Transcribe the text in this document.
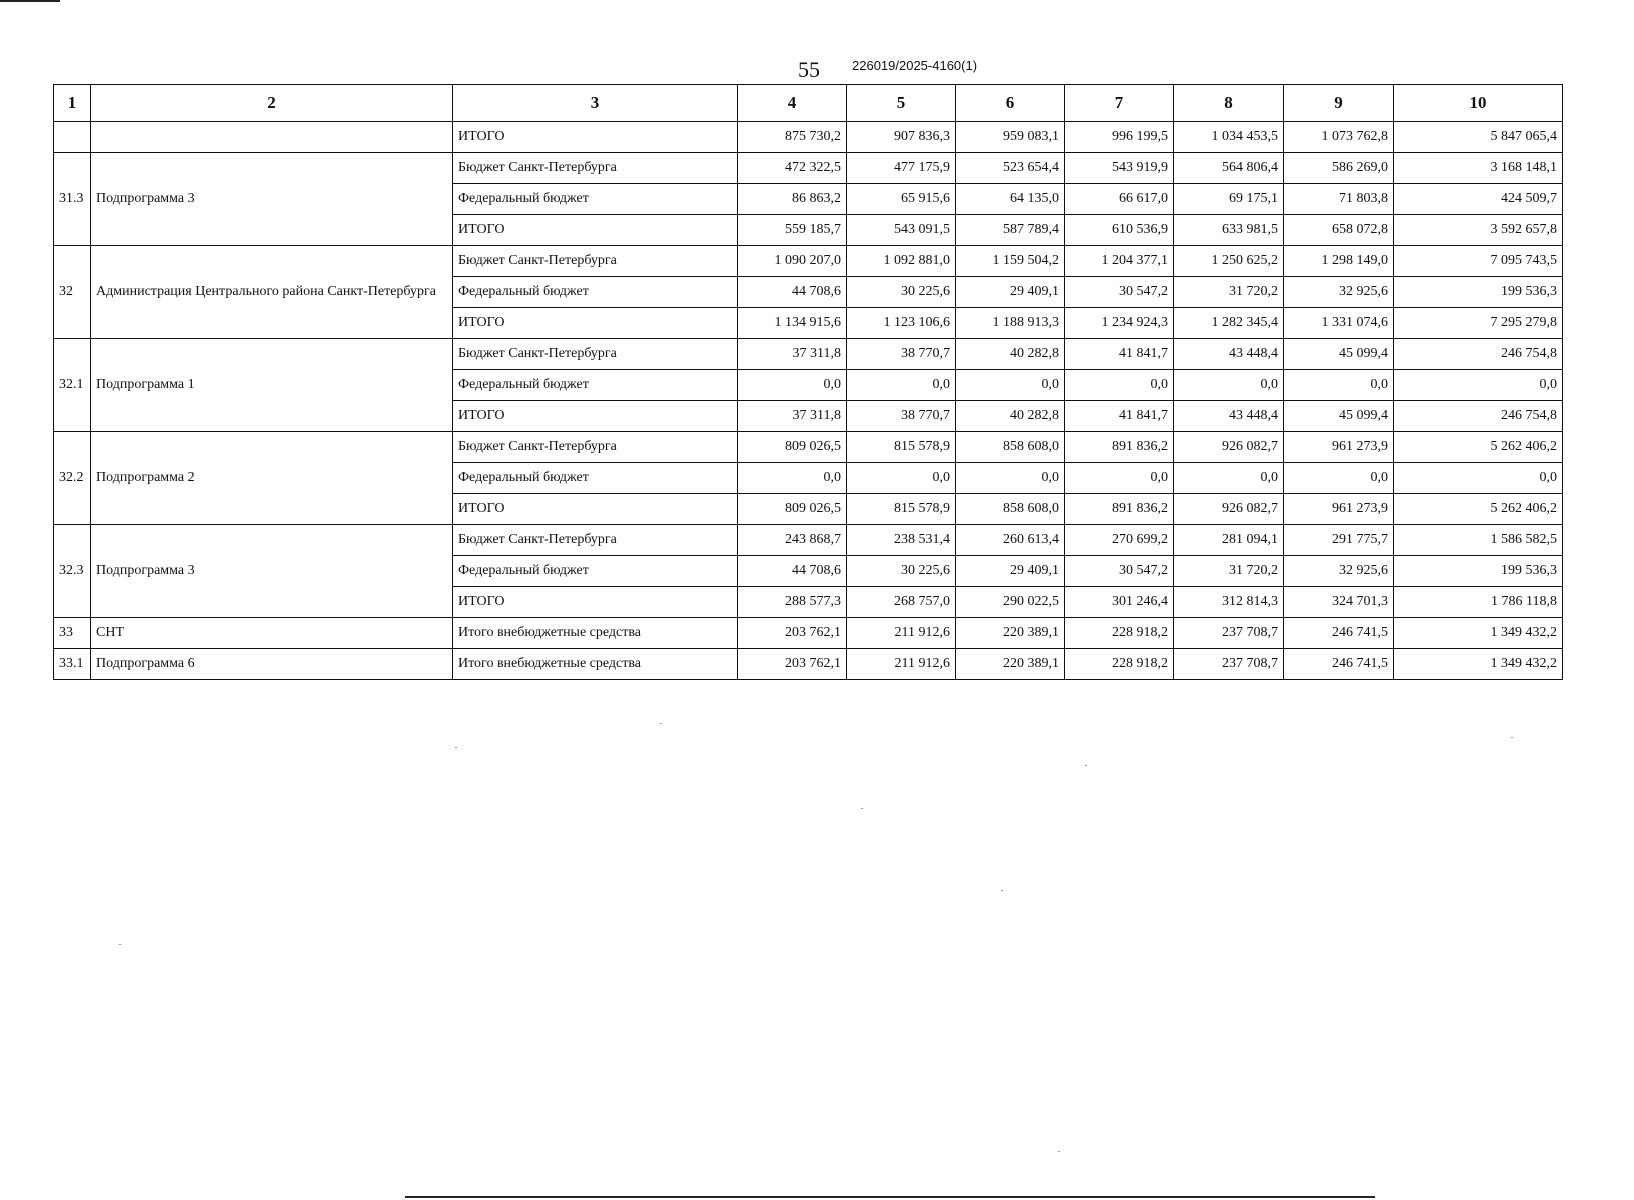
55 226019/2025-4160(1)
1	2	3	4	5	6	7	8	9	10
		ИТОГО	875 730,2	907 836,3	959 083,1	996 199,5	1 034 453,5	1 073 762,8	5 847 065,4
31.3	Подпрограмма 3	Бюджет Санкт-Петербурга	472 322,5	477 175,9	523 654,4	543 919,9	564 806,4	586 269,0	3 168 148,1
		Федеральный бюджет	86 863,2	65 915,6	64 135,0	66 617,0	69 175,1	71 803,8	424 509,7
		ИТОГО	559 185,7	543 091,5	587 789,4	610 536,9	633 981,5	658 072,8	3 592 657,8
32	Администрация Центрального района Санкт-Петербурга	Бюджет Санкт-Петербурга	1 090 207,0	1 092 881,0	1 159 504,2	1 204 377,1	1 250 625,2	1 298 149,0	7 095 743,5
		Федеральный бюджет	44 708,6	30 225,6	29 409,1	30 547,2	31 720,2	32 925,6	199 536,3
		ИТОГО	1 134 915,6	1 123 106,6	1 188 913,3	1 234 924,3	1 282 345,4	1 331 074,6	7 295 279,8
32.1	Подпрограмма 1	Бюджет Санкт-Петербурга	37 311,8	38 770,7	40 282,8	41 841,7	43 448,4	45 099,4	246 754,8
		Федеральный бюджет	0,0	0,0	0,0	0,0	0,0	0,0	0,0
		ИТОГО	37 311,8	38 770,7	40 282,8	41 841,7	43 448,4	45 099,4	246 754,8
32.2	Подпрограмма 2	Бюджет Санкт-Петербурга	809 026,5	815 578,9	858 608,0	891 836,2	926 082,7	961 273,9	5 262 406,2
		Федеральный бюджет	0,0	0,0	0,0	0,0	0,0	0,0	0,0
		ИТОГО	809 026,5	815 578,9	858 608,0	891 836,2	926 082,7	961 273,9	5 262 406,2
32.3	Подпрограмма 3	Бюджет Санкт-Петербурга	243 868,7	238 531,4	260 613,4	270 699,2	281 094,1	291 775,7	1 586 582,5
		Федеральный бюджет	44 708,6	30 225,6	29 409,1	30 547,2	31 720,2	32 925,6	199 536,3
		ИТОГО	288 577,3	268 757,0	290 022,5	301 246,4	312 814,3	324 701,3	1 786 118,8
33	СНТ	Итого внебюджетные средства	203 762,1	211 912,6	220 389,1	228 918,2	237 708,7	246 741,5	1 349 432,2
33.1	Подпрограмма 6	Итого внебюджетные средства	203 762,1	211 912,6	220 389,1	228 918,2	237 708,7	246 741,5	1 349 432,2
